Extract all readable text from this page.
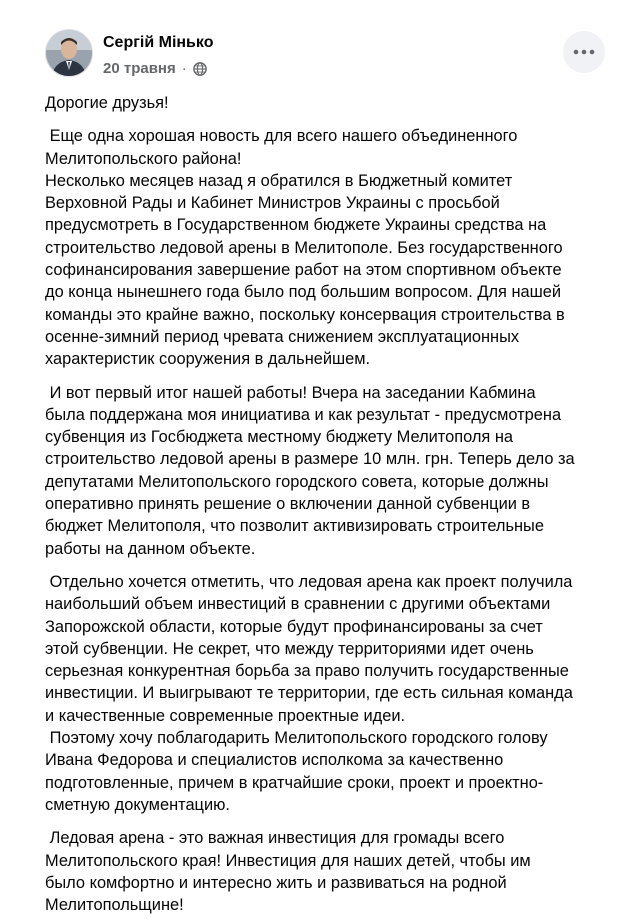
Сергій Мінько
20 травня ·

Дорогие друзья!

Еще одна хорошая новость для всего нашего объединенного
Мелитопольского района!
Несколько месяцев назад я обратился в Бюджетный комитет
Верховной Рады и Кабинет Министров Украины с просьбой
предусмотреть в Государственном бюджете Украины средства на
строительство ледовой арены в Мелитополе. Без государственного
софинансирования завершение работ на этом спортивном объекте
до конца нынешнего года было под большим вопросом. Для нашей
команды это крайне важно, поскольку консервация строительства в
осенне-зимний период чревата снижением эксплуатационных
характеристик сооружения в дальнейшем.

И вот первый итог нашей работы! Вчера на заседании Кабмина
была поддержана моя инициатива и как результат - предусмотрена
субвенция из Госбюджета местному бюджету Мелитополя на
строительство ледовой арены в размере 10 млн. грн. Теперь дело за
депутатами Мелитопольского городского совета, которые должны
оперативно принять решение о включении данной субвенции в
бюджет Мелитополя, что позволит активизировать строительные
работы на данном объекте.

Отдельно хочется отметить, что ледовая арена как проект получила
наибольший объем инвестиций в сравнении с другими объектами
Запорожской области, которые будут профинансированы за счет
этой субвенции. Не секрет, что между территориями идет очень
серьезная конкурентная борьба за право получить государственные
инвестиции. И выигрывают те территории, где есть сильная команда
и качественные современные проектные идеи.
Поэтому хочу поблагодарить Мелитопольского городского голову
Ивана Федорова и специалистов исполкома за качественно
подготовленные, причем в кратчайшие сроки, проект и проектно-
сметную документацию.

Ледовая арена - это важная инвестиция для громады всего
Мелитопольского края! Инвестиция для наших детей, чтобы им
было комфортно и интересно жить и развиваться на родной
Мелитопольщине!
